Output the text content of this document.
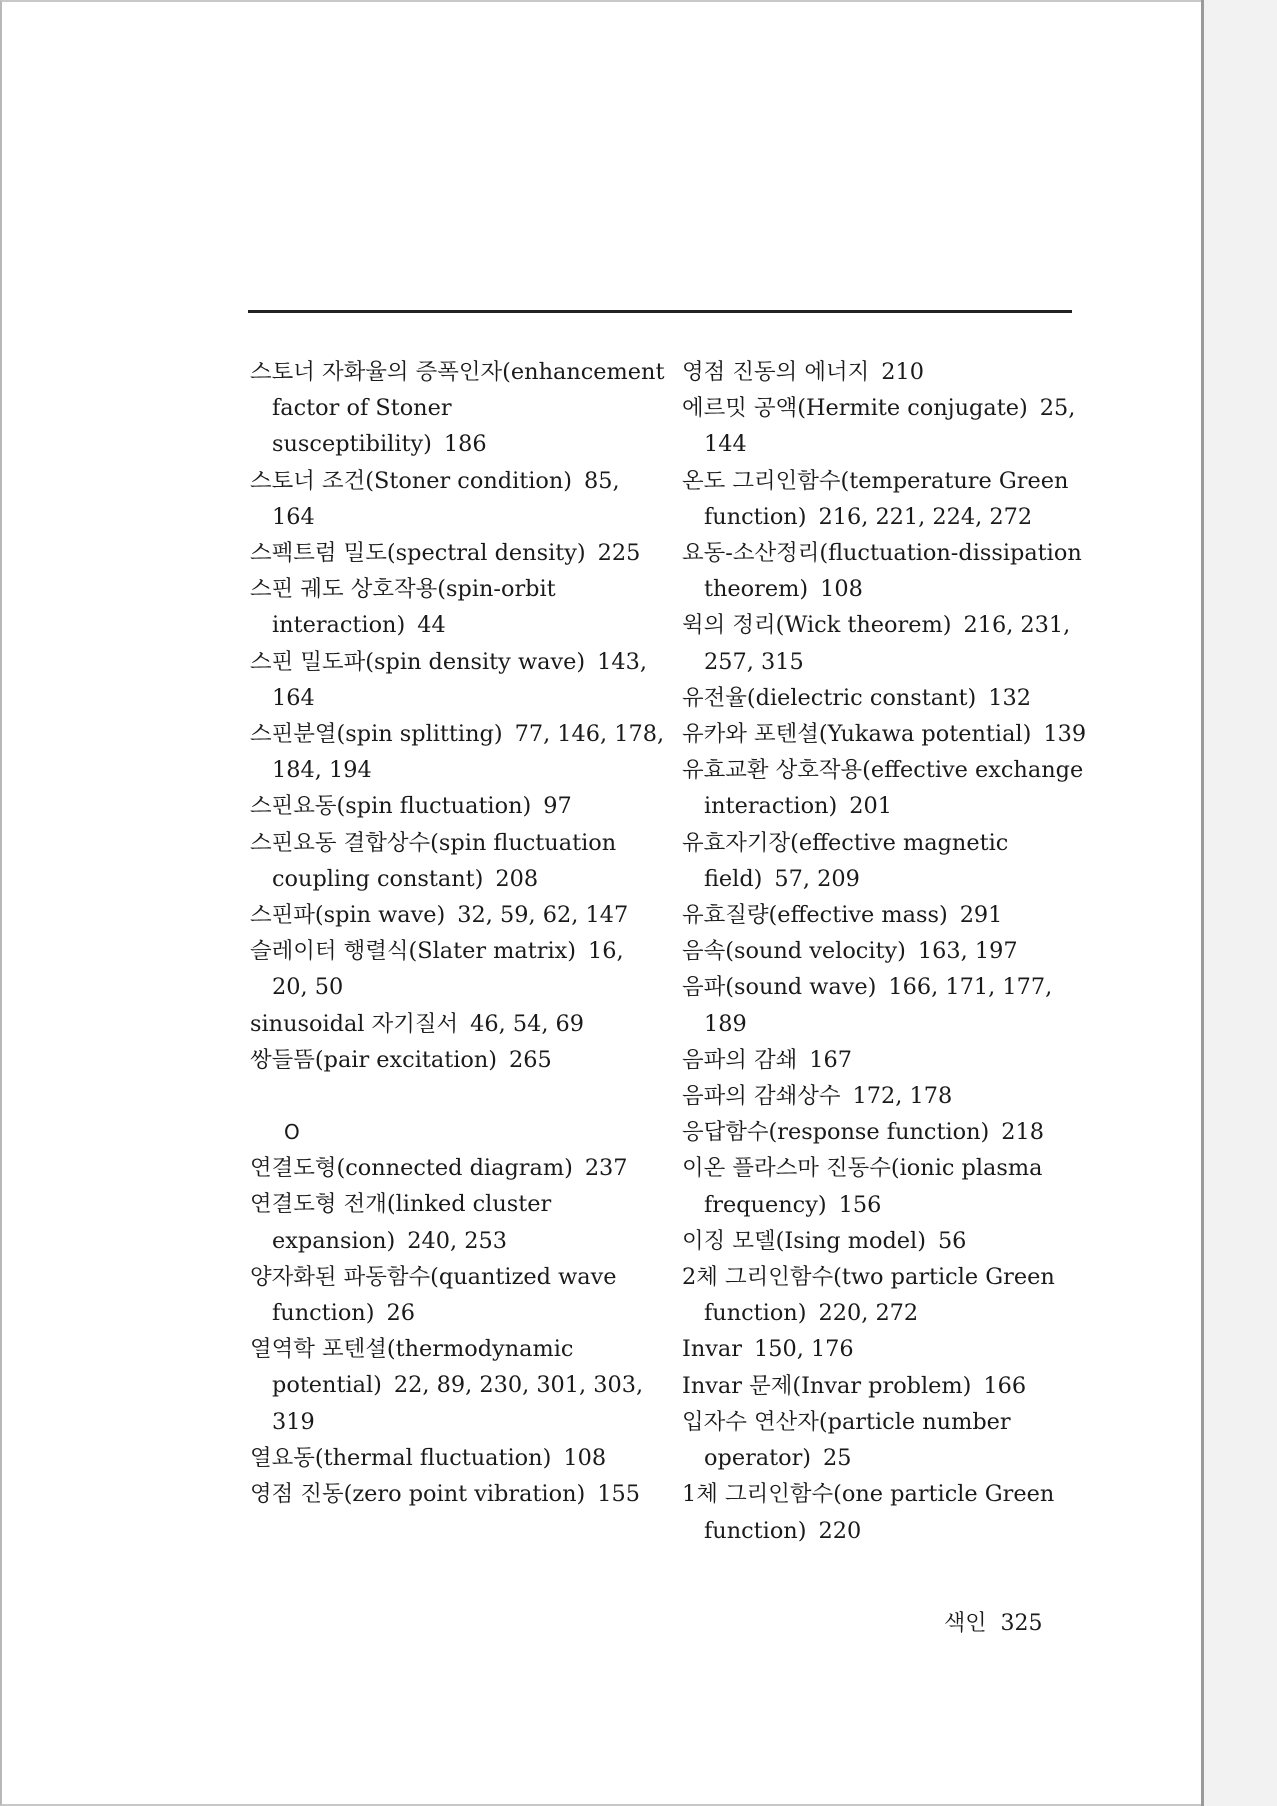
스토너 자화율의 증폭인자(enhancement factor of Stoner susceptibility) 186
스토너 조건(Stoner condition) 85, 164
스펙트럼 밀도(spectral density) 225
스핀 궤도 상호작용(spin-orbit interaction) 44
스핀 밀도파(spin density wave) 143, 164
스핀분열(spin splitting) 77, 146, 178, 184, 194
스핀요동(spin fluctuation) 97
스핀요동 결합상수(spin fluctuation coupling constant) 208
스핀파(spin wave) 32, 59, 62, 147
슬레이터 행렬식(Slater matrix) 16, 20, 50
sinusoidal 자기질서 46, 54, 69
쌍들뜸(pair excitation) 265
O
연결도형(connected diagram) 237
연결도형 전개(linked cluster expansion) 240, 253
양자화된 파동함수(quantized wave function) 26
열역학 포텐셜(thermodynamic potential) 22, 89, 230, 301, 303, 319
열요동(thermal fluctuation) 108
영점 진동(zero point vibration) 155
영점 진동의 에너지 210
에르밋 공액(Hermite conjugate) 25, 144
온도 그리인함수(temperature Green function) 216, 221, 224, 272
요동-소산정리(fluctuation-dissipation theorem) 108
윅의 정리(Wick theorem) 216, 231, 257, 315
유전율(dielectric constant) 132
유카와 포텐셜(Yukawa potential) 139
유효교환 상호작용(effective exchange interaction) 201
유효자기장(effective magnetic field) 57, 209
유효질량(effective mass) 291
음속(sound velocity) 163, 197
음파(sound wave) 166, 171, 177, 189
음파의 감쇄 167
음파의 감쇄상수 172, 178
응답함수(response function) 218
이온 플라스마 진동수(ionic plasma frequency) 156
이징 모델(Ising model) 56
2체 그리인함수(two particle Green function) 220, 272
Invar 150, 176
Invar 문제(Invar problem) 166
입자수 연산자(particle number operator) 25
1체 그리인함수(one particle Green function) 220
색인 325
